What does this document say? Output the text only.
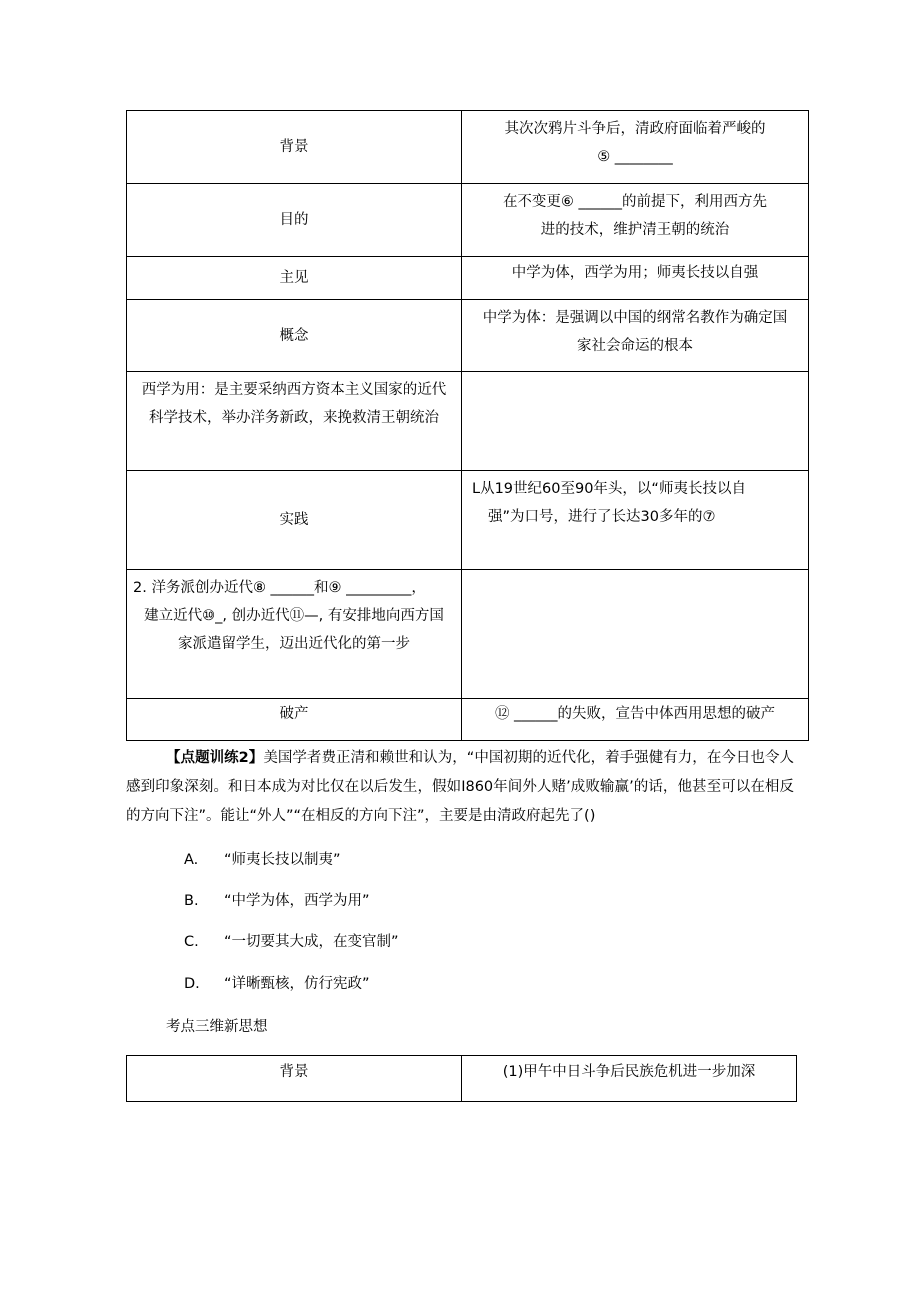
背景	其次次鸦片斗争后，清政府面临着严峻的
⑤ ________

目的	在不变更⑥ ______的前提下，利用西方先
进的技术，维护清王朝的统治

主见	中学为体，西学为用；师夷长技以自强

概念	中学为体：是强调以中国的纲常名教作为确定国
家社会命运的根本

西学为用：是主要采纳西方资本主义国家的近代
科学技术，举办洋务新政，来挽救清王朝统治	

实践	L从19世纪60至90年头，以“师夷长技以自
强”为口号，进行了长达30多年的⑦

2. 洋务派创办近代⑧ ______和⑨ _________，
建立近代⑩_, 创办近代⑪—, 有安排地向西方国
家派遣留学生，迈出近代化的第一步	

破产	⑫ ______的失败，宣告中体西用思想的破产
【点题训练2】美国学者费正清和赖世和认为，“中国初期的近代化，着手强健有力，在今日也令人感到印象深刻。和日本成为对比仅在以后发生，假如I860年间外人赌’成败输赢’的话，他甚至可以在相反的方向下注”。能让“外人”“在相反的方向下注”，主要是由清政府起先了()
A. “师夷长技以制夷”
B. “中学为体，西学为用”
C. “一切要其大成，在变官制”
D. “详晰甄核，仿行宪政”
考点三维新思想
背景	(1)甲午中日斗争后民族危机进一步加深
